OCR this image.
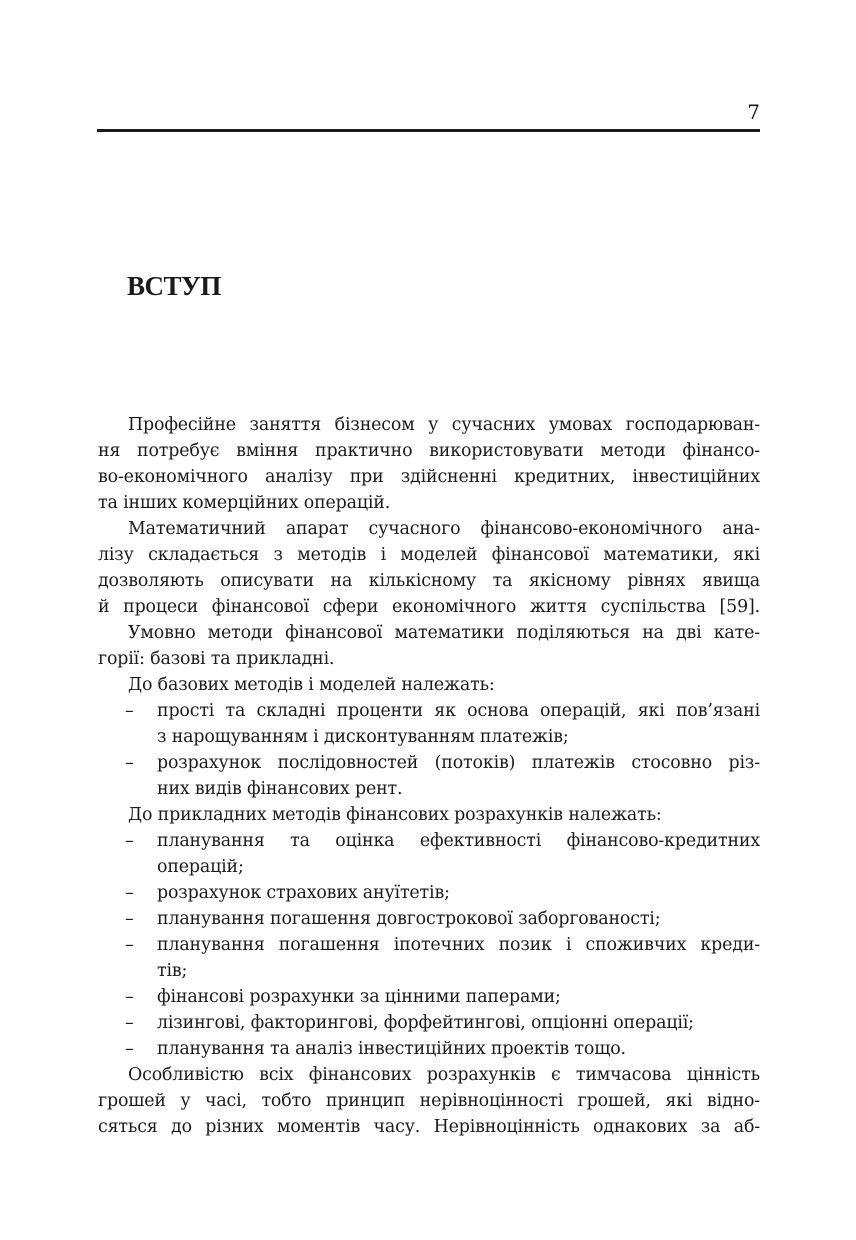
7
ВСТУП
Професійне заняття бізнесом у сучасних умовах господарюван-
ня потребує вміння практично використовувати методи фінансо-
во-економічного аналізу при здійсненні кредитних, інвестиційних
та інших комерційних операцій.
Математичний апарат сучасного фінансово-економічного ана-
лізу складається з методів і моделей фінансової математики, які
дозволяють описувати на кількісному та якісному рівнях явища
й процеси фінансової сфери економічного життя суспільства [59].
Умовно методи фінансової математики поділяються на дві кате-
горії: базові та прикладні.
До базових методів і моделей належать:
– прості та складні проценти як основа операцій, які пов’язані
з нарощуванням і дисконтуванням платежів;
– розрахунок послідовностей (потоків) платежів стосовно різ-
них видів фінансових рент.
До прикладних методів фінансових розрахунків належать:
– планування та оцінка ефективності фінансово-кредитних
операцій;
– розрахунок страхових ануїтетів;
– планування погашення довгострокової заборгованості;
– планування погашення іпотечних позик і споживчих креди-
тів;
– фінансові розрахунки за цінними паперами;
– лізингові, факторингові, форфейтингові, опціонні операції;
– планування та аналіз інвестиційних проектів тощо.
Особливістю всіх фінансових розрахунків є тимчасова цінність
грошей у часі, тобто принцип нерівноцінності грошей, які відно-
сяться до різних моментів часу. Нерівноцінність однакових за аб-
